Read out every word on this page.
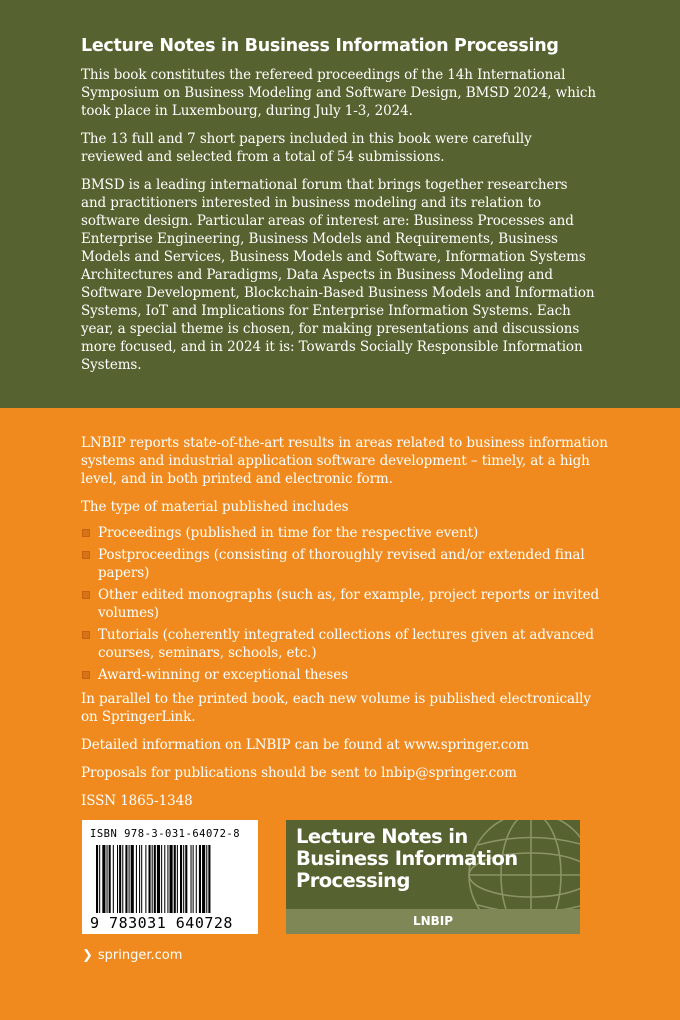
Lecture Notes in Business Information Processing

This book constitutes the refereed proceedings of the 14h International Symposium on Business Modeling and Software Design, BMSD 2024, which took place in Luxembourg, during July 1-3, 2024.

The 13 full and 7 short papers included in this book were carefully reviewed and selected from a total of 54 submissions.

BMSD is a leading international forum that brings together researchers and practitioners interested in business modeling and its relation to software design. Particular areas of interest are: Business Processes and Enterprise Engineering, Business Models and Requirements, Business Models and Services, Business Models and Software, Information Systems Architectures and Paradigms, Data Aspects in Business Modeling and Software Development, Blockchain-Based Business Models and Information Systems, IoT and Implications for Enterprise Information Systems. Each year, a special theme is chosen, for making presentations and discussions more focused, and in 2024 it is: Towards Socially Responsible Information Systems.

LNBIP reports state-of-the-art results in areas related to business information systems and industrial application software development – timely, at a high level, and in both printed and electronic form.

The type of material published includes

Proceedings (published in time for the respective event)
Postproceedings (consisting of thoroughly revised and/or extended final papers)
Other edited monographs (such as, for example, project reports or invited volumes)
Tutorials (coherently integrated collections of lectures given at advanced courses, seminars, schools, etc.)
Award-winning or exceptional theses

In parallel to the printed book, each new volume is published electronically on SpringerLink.

Detailed information on LNBIP can be found at www.springer.com

Proposals for publications should be sent to lnbip@springer.com

ISSN 1865-1348

ISBN 978-3-031-64072-8
9 783031 640728
Lecture Notes in
Business Information
Processing
LNBIP
❯ springer.com
